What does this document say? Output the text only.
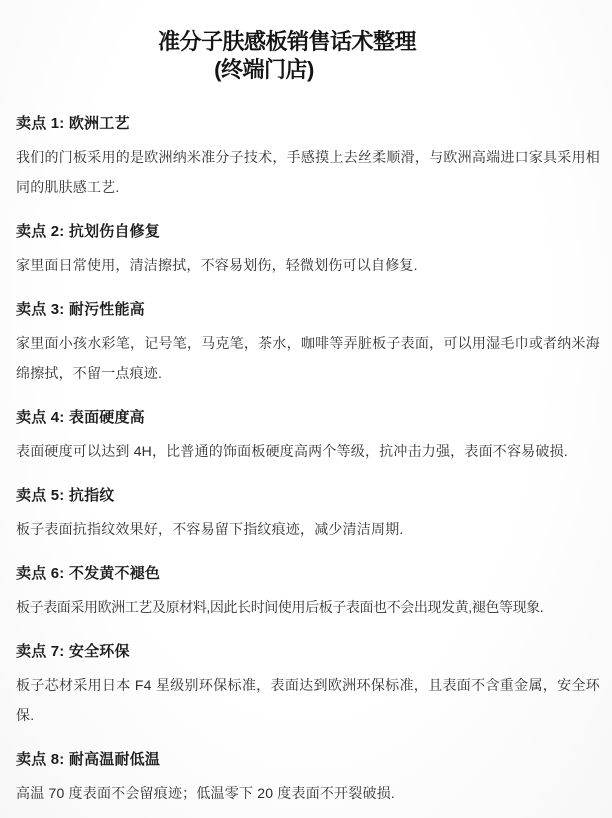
准分子肤感板销售话术整理
(终端门店)
卖点 1: 欧洲工艺

我们的门板采用的是欧洲纳米准分子技术，手感摸上去丝柔顺滑，与欧洲高端进口家具采用相同的肌肤感工艺.

卖点 2: 抗划伤自修复

家里面日常使用，清洁擦拭，不容易划伤，轻微划伤可以自修复.

卖点 3: 耐污性能高

家里面小孩水彩笔，记号笔，马克笔，茶水，咖啡等弄脏板子表面，可以用湿毛巾或者纳米海绵擦拭，不留一点痕迹.

卖点 4: 表面硬度高

表面硬度可以达到 4H，比普通的饰面板硬度高两个等级，抗冲击力强，表面不容易破损.

卖点 5: 抗指纹

板子表面抗指纹效果好，不容易留下指纹痕迹，减少清洁周期.

卖点 6: 不发黄不褪色

板子表面采用欧洲工艺及原材料,因此长时间使用后板子表面也不会出现发黄,褪色等现象.

卖点 7: 安全环保

板子芯材采用日本 F4 星级别环保标准，表面达到欧洲环保标准，且表面不含重金属，安全环保.

卖点 8: 耐高温耐低温

高温 70 度表面不会留痕迹；低温零下 20 度表面不开裂破损.
